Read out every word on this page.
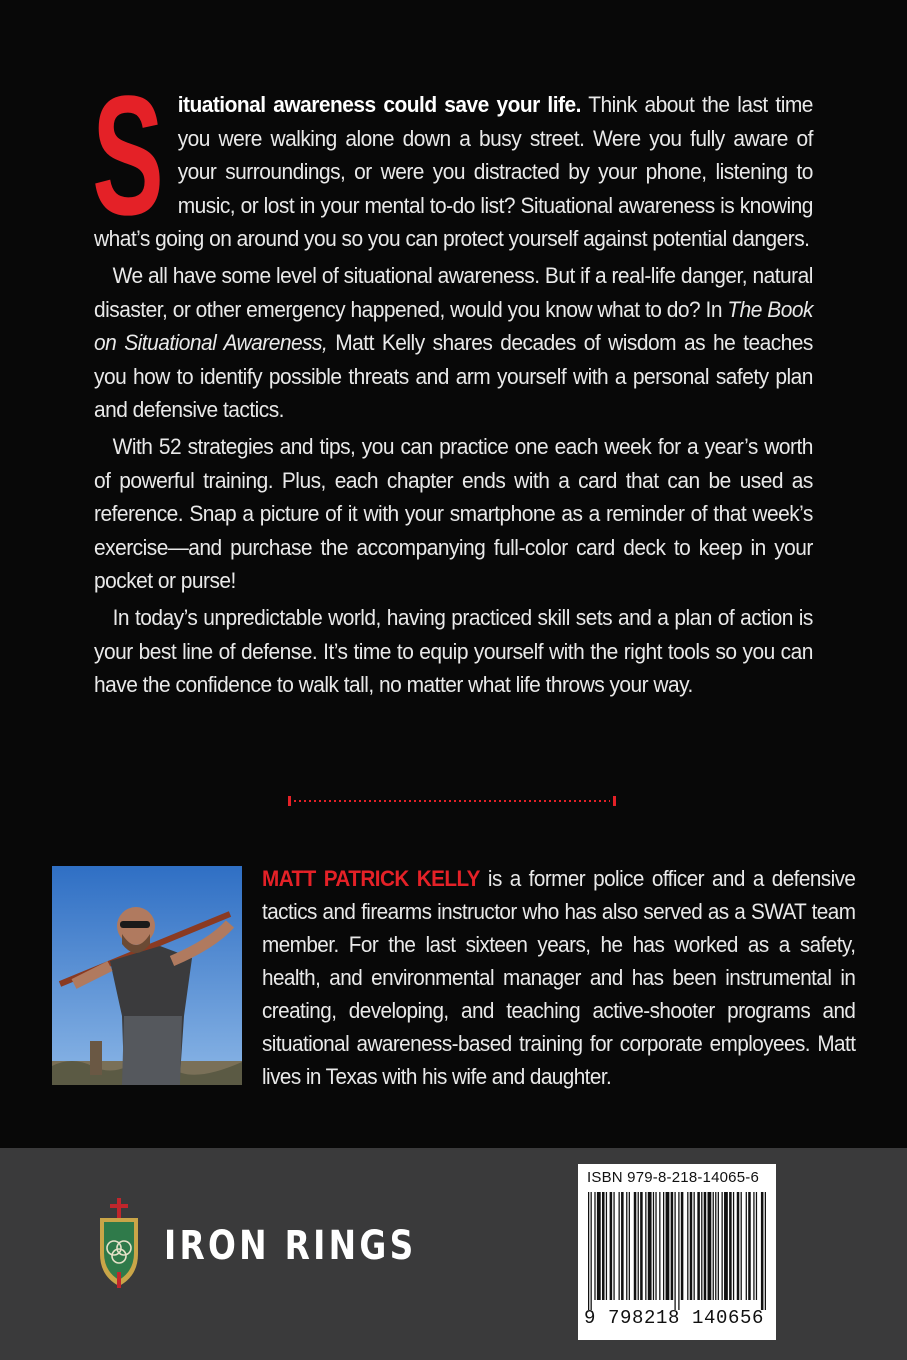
Situational awareness could save your life. Think about the last time you were walking alone down a busy street. Were you fully aware of your surroundings, or were you distracted by your phone, listening to music, or lost in your mental to-do list? Situational awareness is knowing what’s going on around you so you can protect yourself against potential dangers.

We all have some level of situational awareness. But if a real-life danger, natural disaster, or other emergency happened, would you know what to do? In The Book on Situational Awareness, Matt Kelly shares decades of wisdom as he teaches you how to identify possible threats and arm yourself with a personal safety plan and defensive tactics.

With 52 strategies and tips, you can practice one each week for a year’s worth of powerful training. Plus, each chapter ends with a card that can be used as reference. Snap a picture of it with your smartphone as a reminder of that week’s exercise—and purchase the accompanying full-color card deck to keep in your pocket or purse!

In today’s unpredictable world, having practiced skill sets and a plan of action is your best line of defense. It’s time to equip yourself with the right tools so you can have the confidence to walk tall, no matter what life throws your way.

MATT PATRICK KELLY is a former police officer and a defensive tactics and firearms instructor who has also served as a SWAT team member. For the last sixteen years, he has worked as a safety, health, and environmental manager and has been instrumental in creating, developing, and teaching active-shooter programs and situational awareness-based training for corporate employees. Matt lives in Texas with his wife and daughter.
IRON RINGS
ISBN 979-8-218-14065-6
9 798218 140656
